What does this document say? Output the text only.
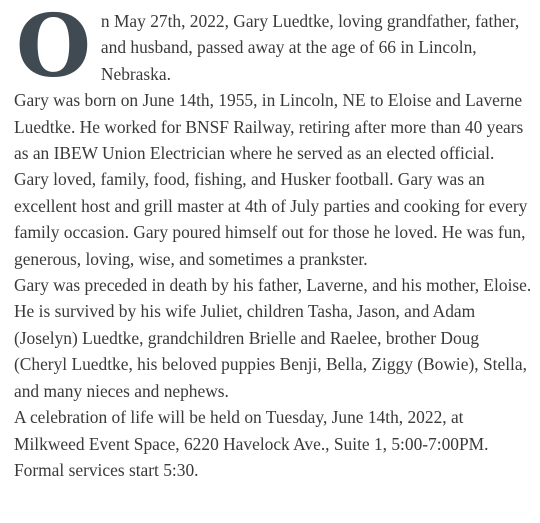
On May 27th, 2022, Gary Luedtke, loving grandfather, father, and husband, passed away at the age of 66 in Lincoln, Nebraska.

Gary was born on June 14th, 1955, in Lincoln, NE to Eloise and Laverne Luedtke. He worked for BNSF Railway, retiring after more than 40 years as an IBEW Union Electrician where he served as an elected official.

Gary loved, family, food, fishing, and Husker football. Gary was an excellent host and grill master at 4th of July parties and cooking for every family occasion. Gary poured himself out for those he loved. He was fun, generous, loving, wise, and sometimes a prankster.

Gary was preceded in death by his father, Laverne, and his mother, Eloise. He is survived by his wife Juliet, children Tasha, Jason, and Adam (Joselyn) Luedtke, grandchildren Brielle and Raelee, brother Doug (Cheryl Luedtke, his beloved puppies Benji, Bella, Ziggy (Bowie), Stella, and many nieces and nephews.

A celebration of life will be held on Tuesday, June 14th, 2022, at Milkweed Event Space, 6220 Havelock Ave., Suite 1, 5:00-7:00PM. Formal services start 5:30.
